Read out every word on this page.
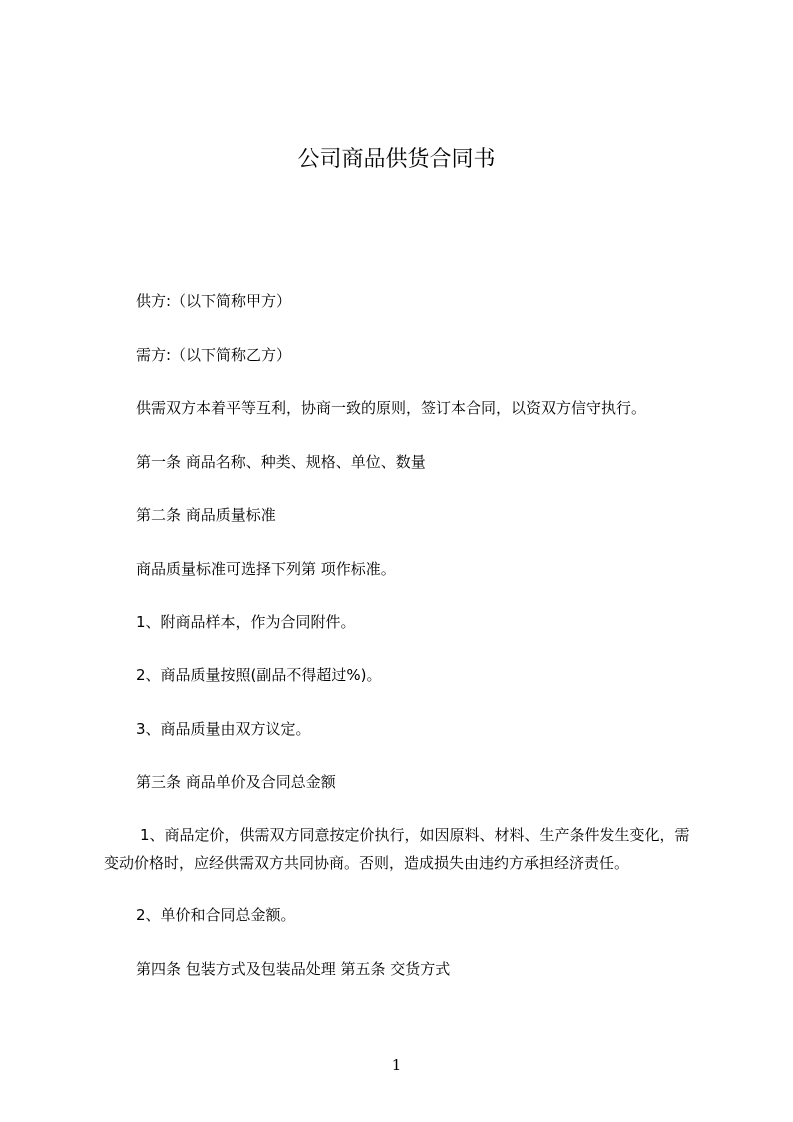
公司商品供货合同书
供方:（以下简称甲方）
需方:（以下简称乙方）
供需双方本着平等互利，协商一致的原则，签订本合同，以资双方信守执行。
第一条 商品名称、种类、规格、单位、数量
第二条 商品质量标准
商品质量标准可选择下列第 项作标准。
1、附商品样本，作为合同附件。
2、商品质量按照(副品不得超过%)。
3、商品质量由双方议定。
第三条 商品单价及合同总金额
1、商品定价，供需双方同意按定价执行，如因原料、材料、生产条件发生变化，需变动价格时，应经供需双方共同协商。否则，造成损失由违约方承担经济责任。
2、单价和合同总金额。
第四条 包装方式及包装品处理 第五条 交货方式
1
